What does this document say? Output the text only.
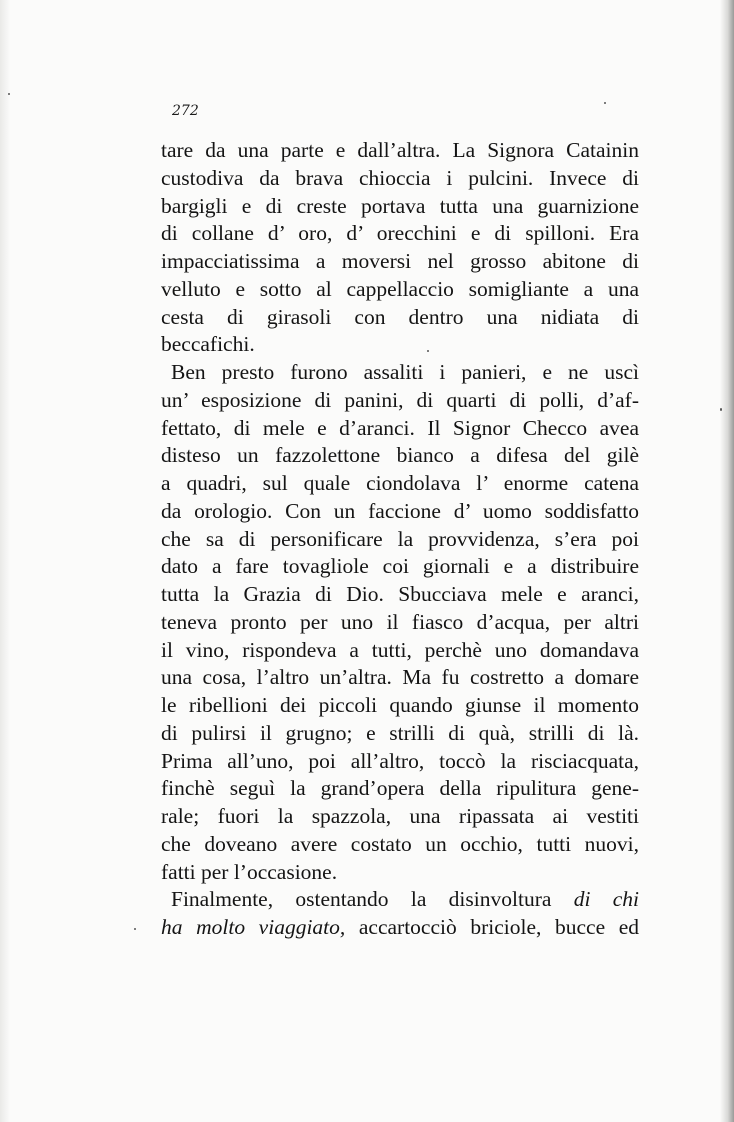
272
tare da una parte e dall’altra. La Signora Catainin
custodiva da brava chioccia i pulcini. Invece di
bargigli e di creste portava tutta una guarnizione
di collane d’ oro, d’ orecchini e di spilloni. Era
impacciatissima a moversi nel grosso abitone di
velluto e sotto al cappellaccio somigliante a una
cesta di girasoli con dentro una nidiata di
beccafichi.
Ben presto furono assaliti i panieri, e ne uscì
un’ esposizione di panini, di quarti di polli, d’af-
fettato, di mele e d’aranci. Il Signor Checco avea
disteso un fazzolettone bianco a difesa del gilè
a quadri, sul quale ciondolava l’ enorme catena
da orologio. Con un faccione d’ uomo soddisfatto
che sa di personificare la provvidenza, s’era poi
dato a fare tovagliole coi giornali e a distribuire
tutta la Grazia di Dio. Sbucciava mele e aranci,
teneva pronto per uno il fiasco d’acqua, per altri
il vino, rispondeva a tutti, perchè uno domandava
una cosa, l’altro un’altra. Ma fu costretto a domare
le ribellioni dei piccoli quando giunse il momento
di pulirsi il grugno; e strilli di quà, strilli di là.
Prima all’uno, poi all’altro, toccò la risciacquata,
finchè seguì la grand’opera della ripulitura gene-
rale; fuori la spazzola, una ripassata ai vestiti
che doveano avere costato un occhio, tutti nuovi,
fatti per l’occasione.
Finalmente, ostentando la disinvoltura di chi
ha molto viaggiato, accartocciò briciole, bucce ed
